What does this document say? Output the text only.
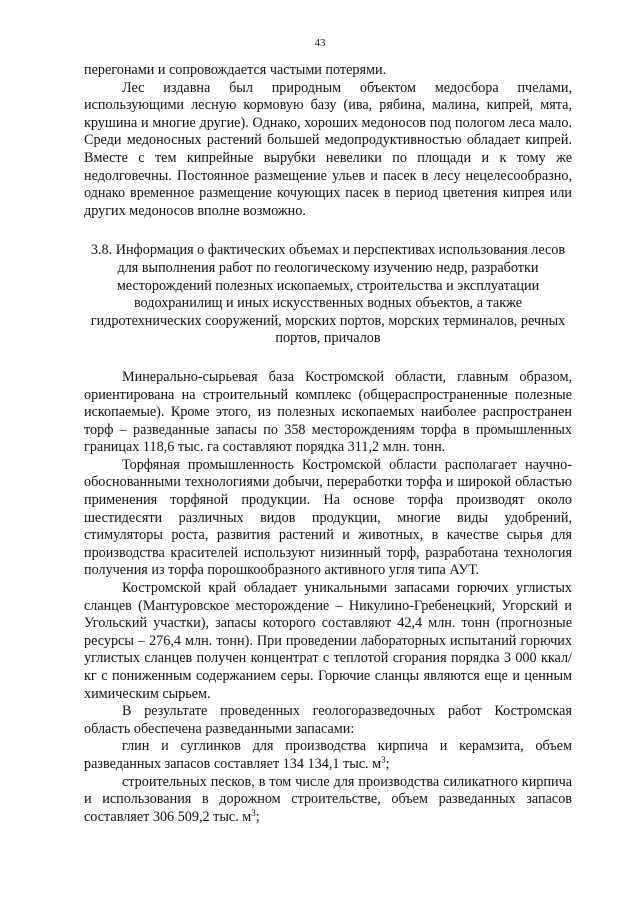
43

перегонами и сопровождается частыми потерями.

Лес издавна был природным объектом медосбора пчелами, использующими лесную кормовую базу (ива, рябина, малина, кипрей, мята, крушина и многие другие). Однако, хороших медоносов под пологом леса мало. Среди медоносных растений большей медопродуктивностью обладает кипрей. Вместе с тем кипрейные вырубки невелики по площади и к тому же недолговечны. Постоянное размещение ульев и пасек в лесу нецелесообразно, однако временное размещение кочующих пасек в период цветения кипрея или других медоносов вполне возможно.

3.8. Информация о фактических объемах и перспективах использования лесов для выполнения работ по геологическому изучению недр, разработки месторождений полезных ископаемых, строительства и эксплуатации водохранилищ и иных искусственных водных объектов, а также гидротехнических сооружений, морских портов, морских терминалов, речных портов, причалов

Минерально-сырьевая база Костромской области, главным образом, ориентирована на строительный комплекс (общераспространенные полезные ископаемые). Кроме этого, из полезных ископаемых наиболее распространен торф – разведанные запасы по 358 месторождениям торфа в промышленных границах 118,6 тыс. га составляют порядка 311,2 млн. тонн.

Торфяная промышленность Костромской области располагает научно-обоснованными технологиями добычи, переработки торфа и широкой областью применения торфяной продукции. На основе торфа производят около шестидесяти различных видов продукции, многие виды удобрений, стимуляторы роста, развития растений и животных, в качестве сырья для производства красителей используют низинный торф, разработана технология получения из торфа порошкообразного активного угля типа АУТ.

Костромской край обладает уникальными запасами горючих углистых сланцев (Мантуровское месторождение – Никулино-Гребенецкий, Угорский и Угольский участки), запасы которого составляют 42,4 млн. тонн (прогнозные ресурсы – 276,4 млн. тонн). При проведении лабораторных испытаний горючих углистых сланцев получен концентрат с теплотой сгорания порядка 3 000 ккал/кг с пониженным содержанием серы. Горючие сланцы являются еще и ценным химическим сырьем.

В результате проведенных геологоразведочных работ Костромская область обеспечена разведанными запасами:

глин и суглинков для производства кирпича и керамзита, объем разведанных запасов составляет 134 134,1 тыс. $м^3$;

строительных песков, в том числе для производства силикатного кирпича и использования в дорожном строительстве, объем разведанных запасов составляет 306 509,2 тыс. $м^3$;
